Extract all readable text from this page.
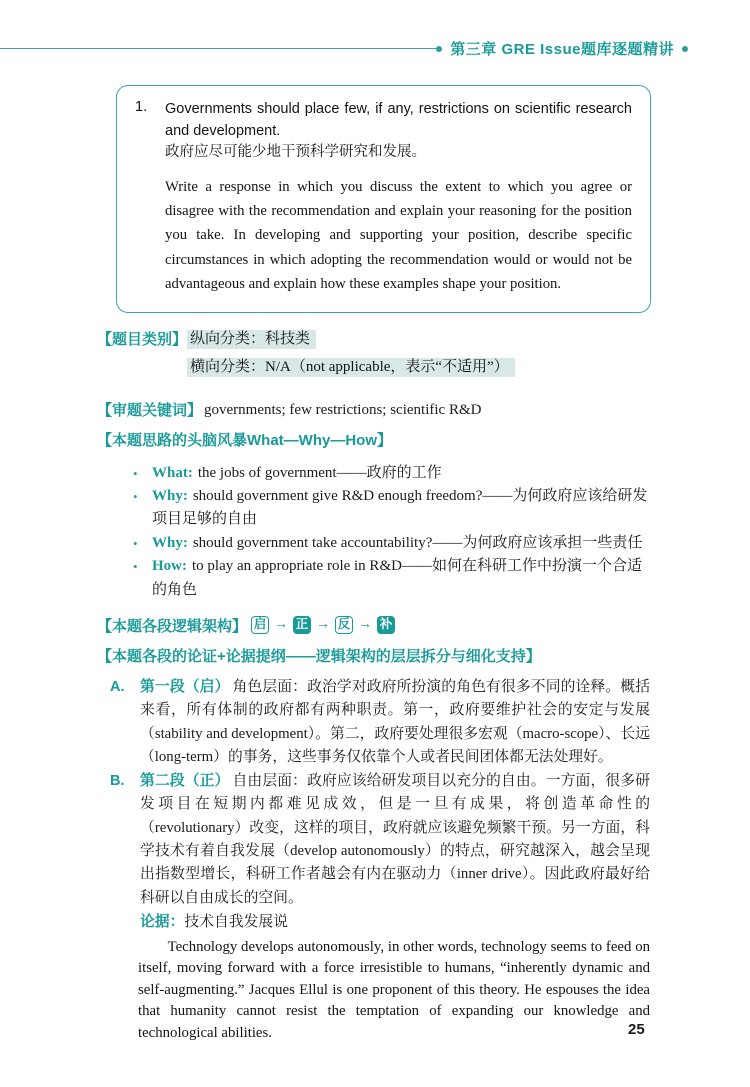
第三章 GRE Issue题库逐题精讲
1.	Governments should place few, if any, restrictions on scientific research and development.

政府应尽可能少地干预科学研究和发展。

Write a response in which you discuss the extent to which you agree or disagree with the recommendation and explain your reasoning for the position you take. In developing and supporting your position, describe specific circumstances in which adopting the recommendation would or would not be advantageous and explain how these examples shape your position.

【题目类别】 纵向分类：科技类
横向分类：N/A（not applicable，表示“不适用”）
【审题关键词】 governments; few restrictions; scientific R&D
【本题思路的头脑风暴What—Why—How】
• What: the jobs of government——政府的工作
• Why: should government give R&D enough freedom?——为何政府应该给研发项目足够的自由
• Why: should government take accountability?——为何政府应该承担一些责任
• How: to play an appropriate role in R&D——如何在科研工作中扮演一个合适的角色
【本题各段逻辑架构】 启 → 正 → 反 → 补
【本题各段的论证+论据提纲——逻辑架构的层层拆分与细化支持】
A.	第一段（启） 角色层面：政治学对政府所扮演的角色有很多不同的诠释。概括来看，所有体制的政府都有两种职责。第一，政府要维护社会的安定与发展（stability and development）。第二，政府要处理很多宏观（macro-scope）、长远（long-term）的事务，这些事务仅依靠个人或者民间团体都无法处理好。
B.	第二段（正） 自由层面：政府应该给研发项目以充分的自由。一方面，很多研发项目在短期内都难见成效，但是一旦有成果，将创造革命性的（revolutionary）改变，这样的项目，政府就应该避免频繁干预。另一方面，科学技术有着自我发展（develop autonomously）的特点，研究越深入，越会呈现出指数型增长，科研工作者越会有内在驱动力（inner drive）。因此政府最好给科研以自由成长的空间。
论据：技术自我发展说

Technology develops autonomously, in other words, technology seems to feed on itself, moving forward with a force irresistible to humans, “inherently dynamic and self-augmenting.” Jacques Ellul is one proponent of this theory. He espouses the idea that humanity cannot resist the temptation of expanding our knowledge and technological abilities.	25
